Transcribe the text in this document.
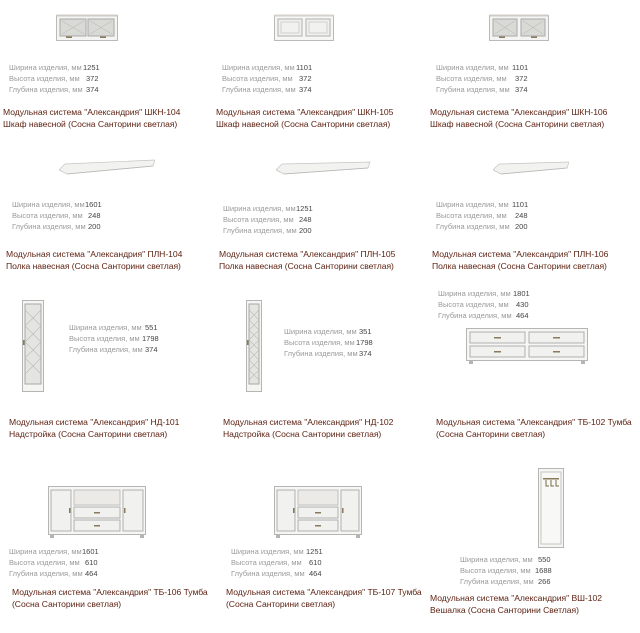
Ширина изделия, мм 1251
Высота изделия, мм 372
Глубина изделия, мм 374
Модульная система "Александрия" ШКН-104
Шкаф навесной (Сосна Санторини светлая)
Ширина изделия, мм 1101
Высота изделия, мм 372
Глубина изделия, мм 374
Модульная система "Александрия" ШКН-105
Шкаф навесной (Сосна Санторини светлая)
Ширина изделия, мм 1101
Высота изделия, мм 372
Глубина изделия, мм 374
Модульная система "Александрия" ШКН-106
Шкаф навесной (Сосна Санторини светлая)
Ширина изделия, мм 1601
Высота изделия, мм 248
Глубина изделия, мм 200
Модульная система "Александрия" ПЛН-104
Полка навесная (Сосна Санторини светлая)
Ширина изделия, мм 1251
Высота изделия, мм 248
Глубина изделия, мм 200
Модульная система "Александрия" ПЛН-105
Полка навесная (Сосна Санторини светлая)
Ширина изделия, мм 1101
Высота изделия, мм 248
Глубина изделия, мм 200
Модульная система "Александрия" ПЛН-106
Полка навесная (Сосна Санторини светлая)
Ширина изделия, мм 551
Высота изделия, мм 1798
Глубина изделия, мм 374
Модульная система "Александрия" НД-101
Надстройка (Сосна Санторини светлая)
Ширина изделия, мм 351
Высота изделия, мм 1798
Глубина изделия, мм 374
Модульная система "Александрия" НД-102
Надстройка (Сосна Санторини светлая)
Ширина изделия, мм 1801
Высота изделия, мм 430
Глубина изделия, мм 464
Модульная система "Александрия" ТБ-102 Тумба
(Сосна Санторини светлая)
Ширина изделия, мм 1601
Высота изделия, мм 610
Глубина изделия, мм 464
Модульная система "Александрия" ТБ-106 Тумба
(Сосна Санторини светлая)
Ширина изделия, мм 1251
Высота изделия, мм 610
Глубина изделия, мм 464
Модульная система "Александрия" ТБ-107 Тумба
(Сосна Санторини светлая)
Ширина изделия, мм 550
Высота изделия, мм 1688
Глубина изделия, мм 266
Модульная система "Александрия" ВШ-102
Вешалка (Сосна Санторини Светлая)
